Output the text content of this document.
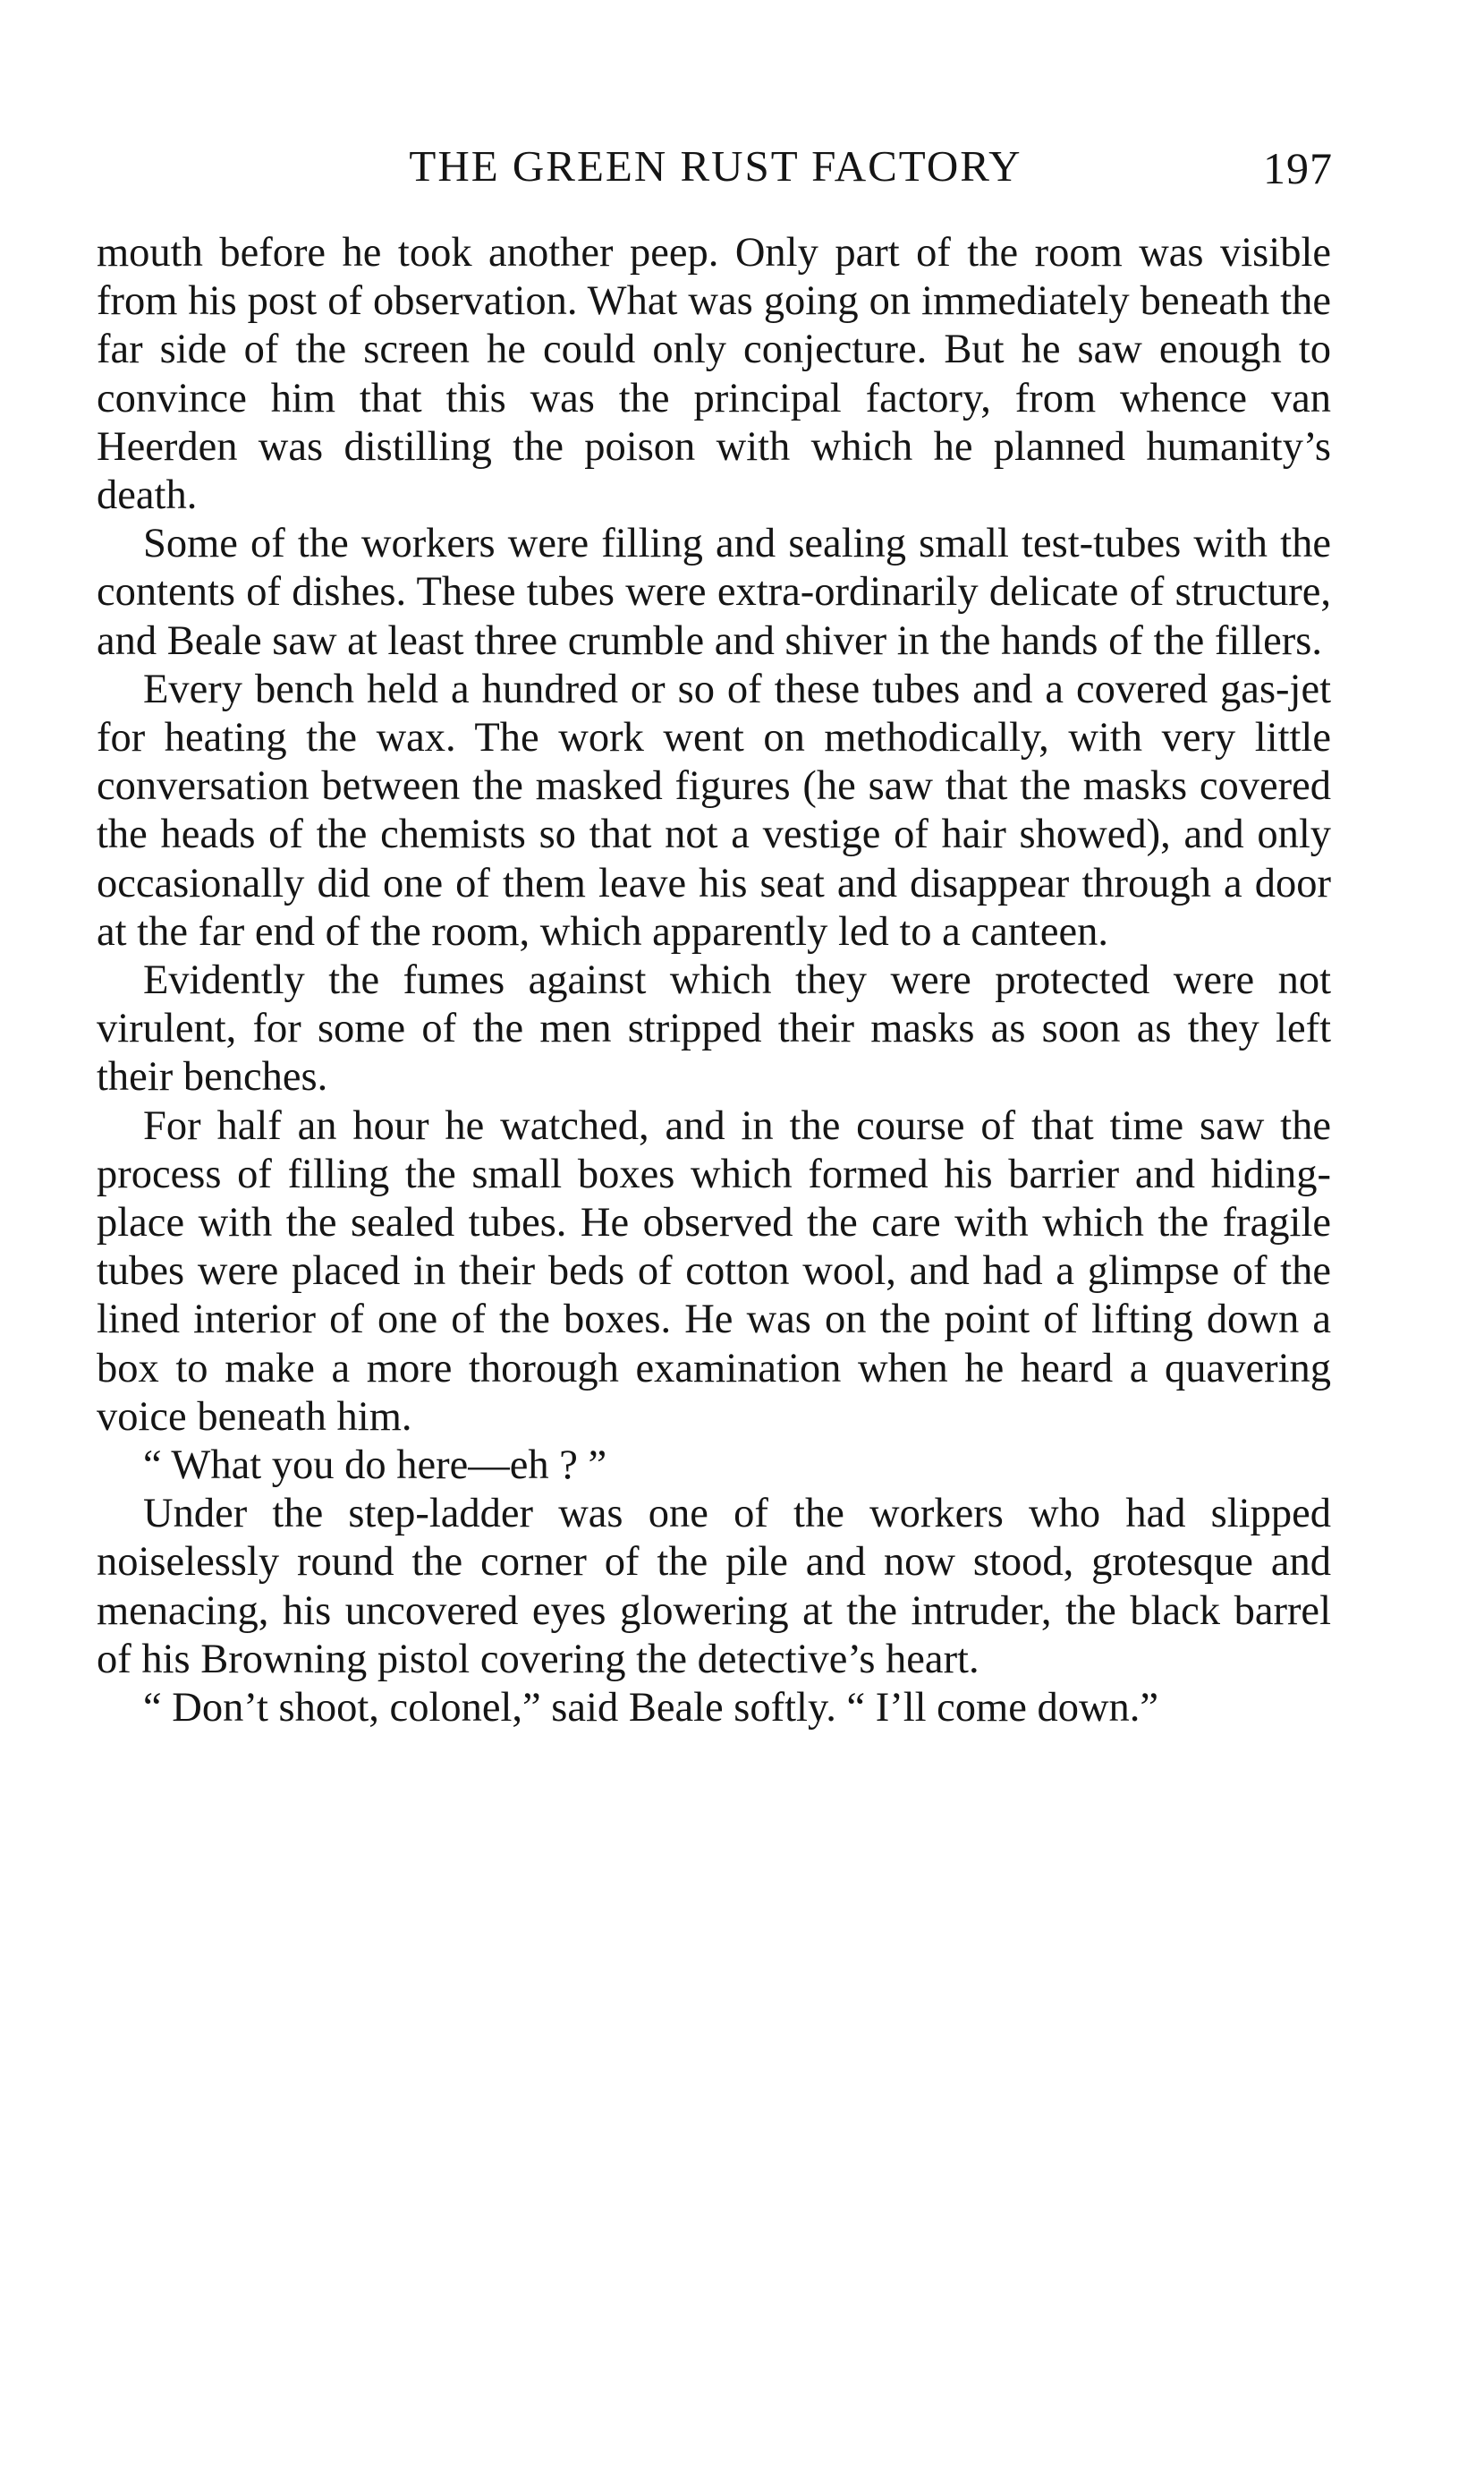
THE GREEN RUST FACTORY	197

mouth before he took another peep. Only part of the room was visible from his post of observation. What was going on immediately beneath the far side of the screen he could only conjecture. But he saw enough to convince him that this was the principal factory, from whence van Heerden was distilling the poison with which he planned humanity’s death.

Some of the workers were filling and sealing small test-tubes with the contents of dishes. These tubes were extra-ordinarily delicate of structure, and Beale saw at least three crumble and shiver in the hands of the fillers.

Every bench held a hundred or so of these tubes and a covered gas-jet for heating the wax. The work went on methodically, with very little conversation between the masked figures (he saw that the masks covered the heads of the chemists so that not a vestige of hair showed), and only occasionally did one of them leave his seat and disappear through a door at the far end of the room, which apparently led to a canteen.

Evidently the fumes against which they were protected were not virulent, for some of the men stripped their masks as soon as they left their benches.

For half an hour he watched, and in the course of that time saw the process of filling the small boxes which formed his barrier and hiding-place with the sealed tubes. He observed the care with which the fragile tubes were placed in their beds of cotton wool, and had a glimpse of the lined interior of one of the boxes. He was on the point of lifting down a box to make a more thorough examination when he heard a quavering voice beneath him.

“ What you do here—eh ? ”

Under the step-ladder was one of the workers who had slipped noiselessly round the corner of the pile and now stood, grotesque and menacing, his uncovered eyes glowering at the intruder, the black barrel of his Browning pistol covering the detective’s heart.

“ Don’t shoot, colonel,” said Beale softly. “ I’ll come down.”
